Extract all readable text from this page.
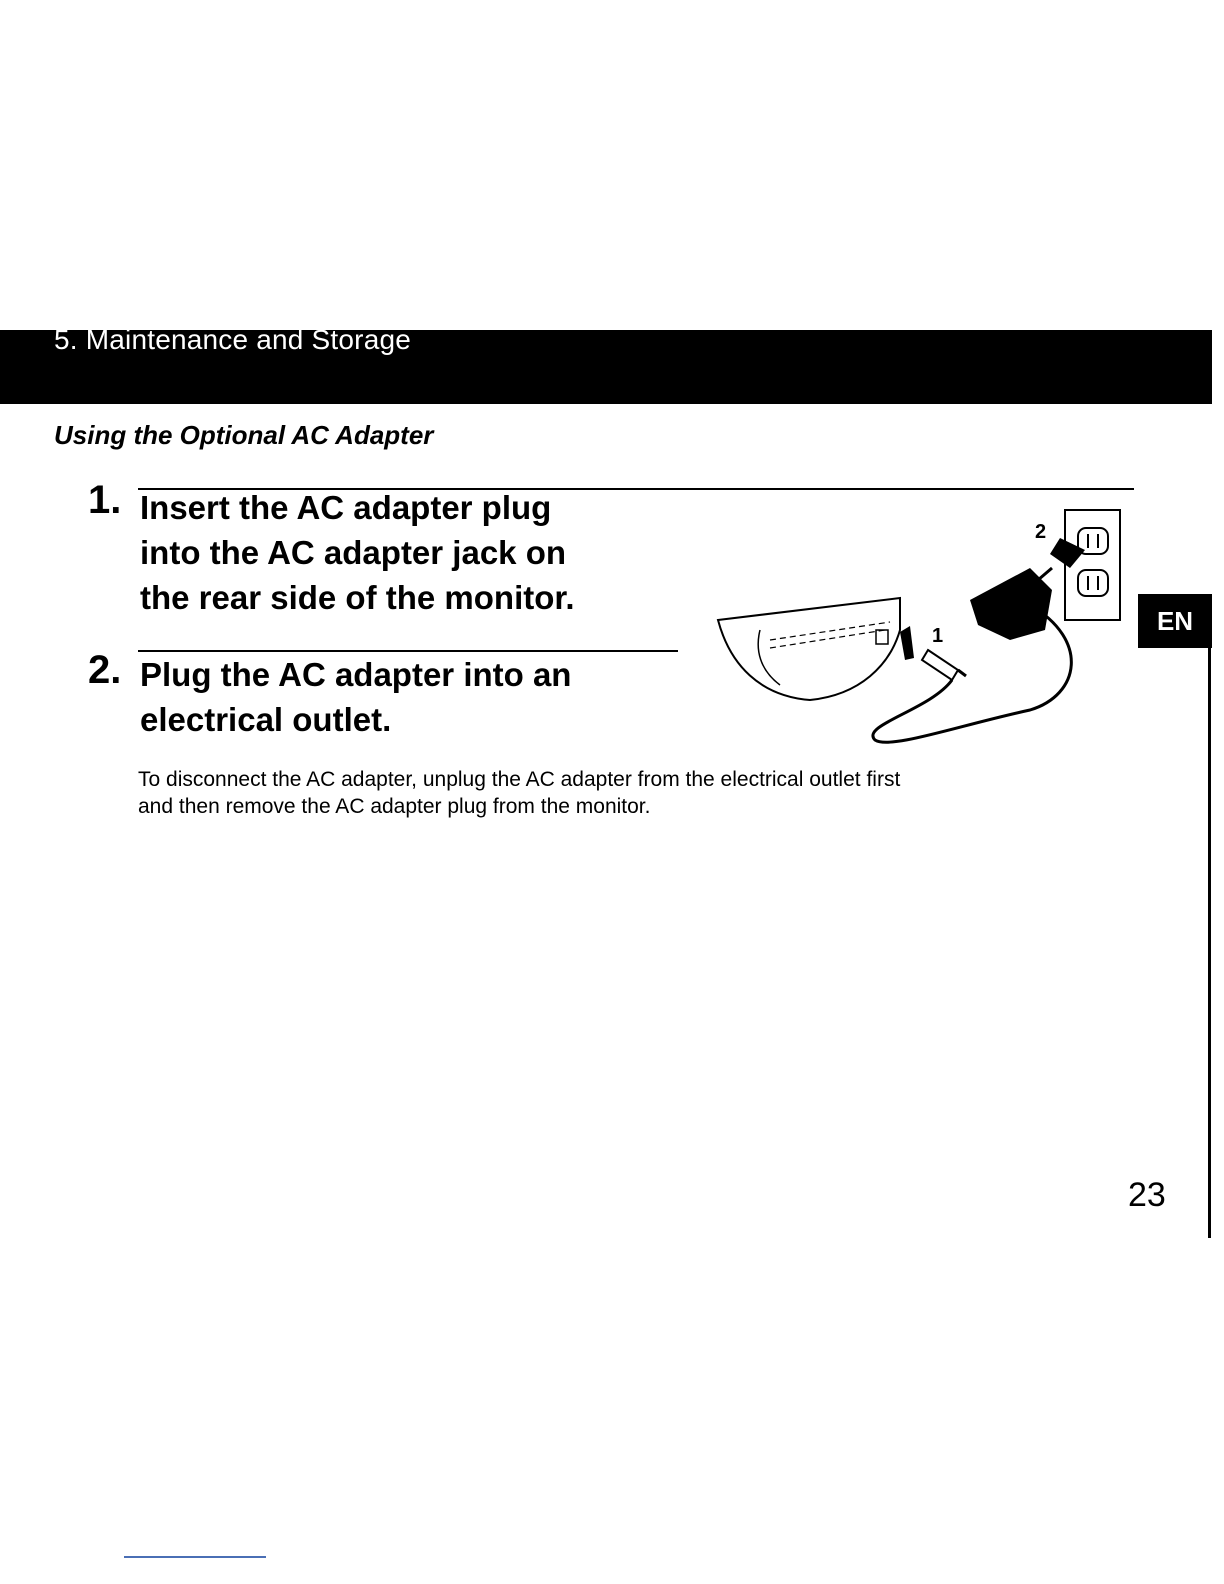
5. Maintenance and Storage
Using the Optional AC Adapter
1. Insert the AC adapter plug
into the AC adapter jack on
the rear side of the monitor.
2. Plug the AC adapter into an
electrical outlet.
To disconnect the AC adapter, unplug the AC adapter from the electrical outlet first
and then remove the AC adapter plug from the monitor.
1
2
EN
23
